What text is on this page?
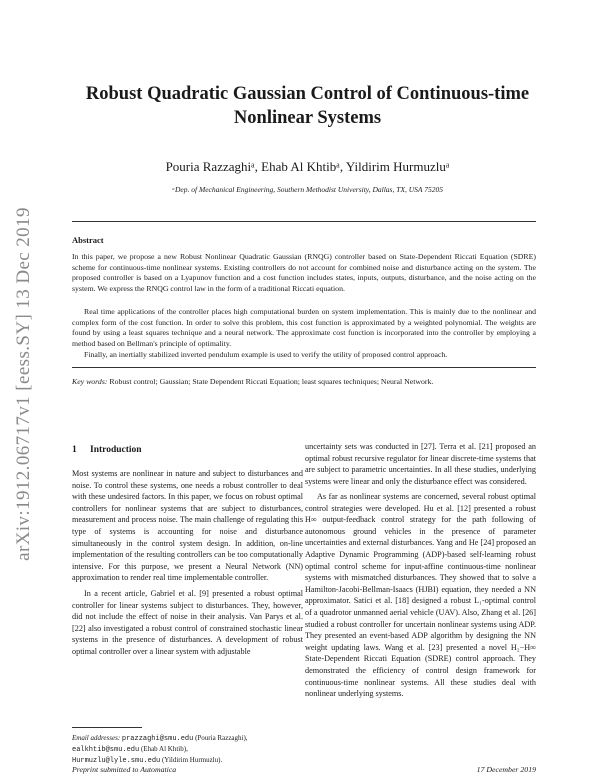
arXiv:1912.06717v1 [eess.SY] 13 Dec 2019
Robust Quadratic Gaussian Control of Continuous-time
Nonlinear Systems
Pouria Razzaghiᵃ, Ehab Al Khtibᵃ, Yildirim Hurmuzluᵃ
ᵃDep. of Mechanical Engineering, Southern Methodist University, Dallas, TX, USA 75205
Abstract
In this paper, we propose a new Robust Nonlinear Quadratic Gaussian (RNQG) controller based on State-Dependent Riccati Equation (SDRE) scheme for continuous-time nonlinear systems. Existing controllers do not account for combined noise and disturbance acting on the system. The proposed controller is based on a Lyapunov function and a cost function includes states, inputs, outputs, disturbance, and the noise acting on the system. We express the RNQG control law in the form of a traditional Riccati equation.
Real time applications of the controller places high computational burden on system implementation. This is mainly due to the nonlinear and complex form of the cost function. In order to solve this problem, this cost function is approximated by a weighted polynomial. The weights are found by using a least squares technique and a neural network. The approximate cost function is incorporated into the controller by employing a method based on Bellman's principle of optimality.
Finally, an inertially stabilized inverted pendulum example is used to verify the utility of proposed control approach.
Key words: Robust control; Gaussian; State Dependent Riccati Equation; least squares techniques; Neural Network.
1 Introduction
Most systems are nonlinear in nature and subject to disturbances and noise. To control these systems, one needs a robust controller to deal with these undesired factors. In this paper, we focus on robust optimal controllers for nonlinear systems that are subject to disturbances, measurement and process noise. The main challenge of regulating this type of systems is accounting for noise and disturbance simultaneously in the control system design. In addition, on-line implementation of the resulting controllers can be too computationally intensive. For this purpose, we present a Neural Network (NN) approximation to render real time implementable controller.
In a recent article, Gabriel et al. [9] presented a robust optimal controller for linear systems subject to disturbances. They, however, did not include the effect of noise in their analysis. Van Parys et al. [22] also investigated a robust control of constrained stochastic linear systems in the presence of disturbances. A development of robust optimal controller over a linear system with adjustable
uncertainty sets was conducted in [27]. Terra et al. [21] proposed an optimal robust recursive regulator for linear discrete-time systems that are subject to parametric uncertainties. In all these studies, underlying systems were linear and only the disturbance effect was considered.
As far as nonlinear systems are concerned, several robust optimal control strategies were developed. Hu et al. [12] presented a robust H∞ output-feedback control strategy for the path following of autonomous ground vehicles in the presence of parameter uncertainties and external disturbances. Yang and He [24] proposed an Adaptive Dynamic Programming (ADP)-based self-learning robust optimal control scheme for input-affine continuous-time nonlinear systems with mismatched disturbances. They showed that to solve a Hamilton-Jacobi-Bellman-Isaacs (HJBI) equation, they needed a NN approximator. Satici et al. [18] designed a robust L₁-optimal control of a quadrotor unmanned aerial vehicle (UAV). Also, Zhang et al. [26] studied a robust controller for uncertain nonlinear systems using ADP. They presented an event-based ADP algorithm by designing the NN weight updating laws. Wang et al. [23] presented a novel H₂−H∞ State-Dependent Riccati Equation (SDRE) control approach. They demonstrated the efficiency of control design framework for continuous-time nonlinear systems. All these studies deal with nonlinear underlying systems.
Email addresses: prazzaghi@smu.edu (Pouria Razzaghi),
ealkhtib@smu.edu (Ehab Al Khtib),
Hurmuzlu@lyle.smu.edu (Yildirim Hurmuzlu).
Preprint submitted to Automatica	17 December 2019
